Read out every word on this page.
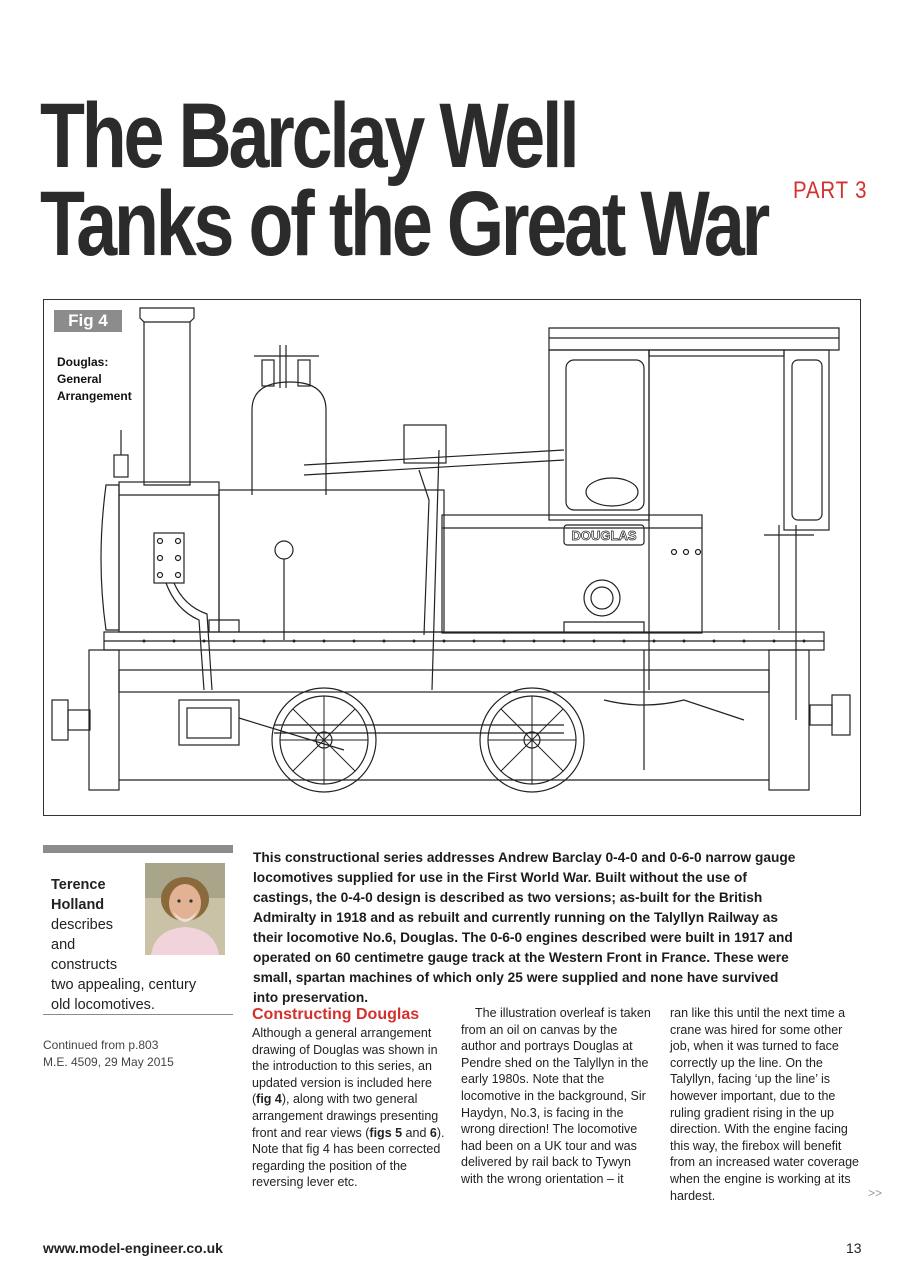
The Barclay Well
Tanks of the Great War PART 3
DOUGLAS
Fig 4
Douglas:
General
Arrangement
Terence
Holland
describes
and
constructs
two appealing, century
old locomotives.
Continued from p.803
M.E. 4509, 29 May 2015

This constructional series addresses Andrew Barclay 0-4-0 and 0-6-0 narrow gauge locomotives supplied for use in the First World War. Built without the use of castings, the 0-4-0 design is described as two versions; as-built for the British Admiralty in 1918 and as rebuilt and currently running on the Talyllyn Railway as their locomotive No.6, Douglas. The 0-6-0 engines described were built in 1917 and operated on 60 centimetre gauge track at the Western Front in France. These were small, spartan machines of which only 25 were supplied and none have survived into preservation.

Constructing Douglas
Although a general arrangement drawing of Douglas was shown in the introduction to this series, an updated version is included here (fig 4), along with two general arrangement drawings presenting front and rear views (figs 5 and 6). Note that fig 4 has been corrected regarding the position of the reversing lever etc.
The illustration overleaf is taken from an oil on canvas by the author and portrays Douglas at Pendre shed on the Talyllyn in the early 1980s. Note that the locomotive in the background, Sir Haydyn, No.3, is facing in the wrong direction! The locomotive had been on a UK tour and was delivered by rail back to Tywyn with the wrong orientation – it
ran like this until the next time a crane was hired for some other job, when it was turned to face correctly up the line. On the Talyllyn, facing ‘up the line’ is however important, due to the ruling gradient rising in the up direction. With the engine facing this way, the firebox will benefit from an increased water coverage when the engine is working at its hardest.	>>
www.model-engineer.co.uk	13
